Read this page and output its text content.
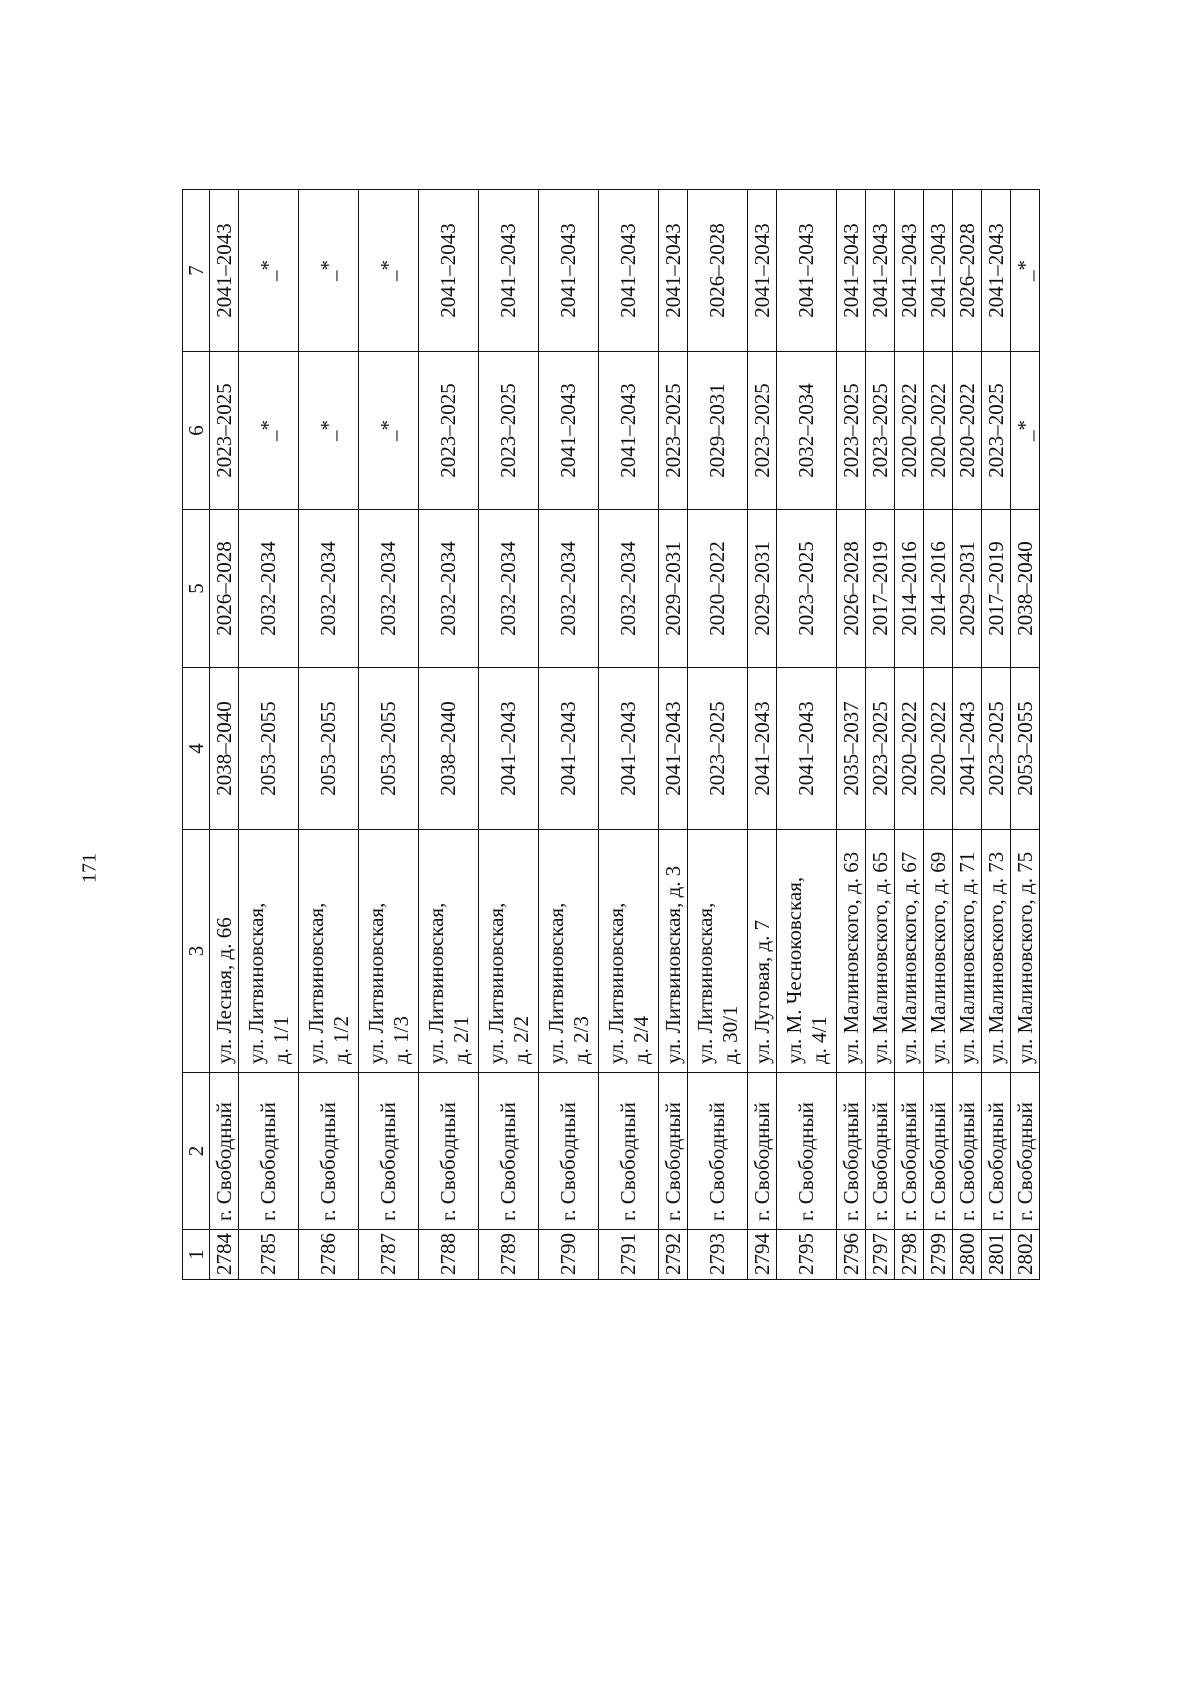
171
1	2	3	4	5	6	7
2784	г. Свободный	ул. Лесная, д. 66	2038–2040	2026–2028	2023–2025	2041–2043
2785	г. Свободный	ул. Литвиновская, д. 1/1	2053–2055	2032–2034	_*	_*
2786	г. Свободный	ул. Литвиновская, д. 1/2	2053–2055	2032–2034	_*	_*
2787	г. Свободный	ул. Литвиновская, д. 1/3	2053–2055	2032–2034	_*	_*
2788	г. Свободный	ул. Литвиновская, д. 2/1	2038–2040	2032–2034	2023–2025	2041–2043
2789	г. Свободный	ул. Литвиновская, д. 2/2	2041–2043	2032–2034	2023–2025	2041–2043
2790	г. Свободный	ул. Литвиновская, д. 2/3	2041–2043	2032–2034	2041–2043	2041–2043
2791	г. Свободный	ул. Литвиновская, д. 2/4	2041–2043	2032–2034	2041–2043	2041–2043
2792	г. Свободный	ул. Литвиновская, д. 3	2041–2043	2029–2031	2023–2025	2041–2043
2793	г. Свободный	ул. Литвиновская, д. 30/1	2023–2025	2020–2022	2029–2031	2026–2028
2794	г. Свободный	ул. Луговая, д. 7	2041–2043	2029–2031	2023–2025	2041–2043
2795	г. Свободный	ул. М. Чесноковская, д. 4/1	2041–2043	2023–2025	2032–2034	2041–2043
2796	г. Свободный	ул. Малиновского, д. 63	2035–2037	2026–2028	2023–2025	2041–2043
2797	г. Свободный	ул. Малиновского, д. 65	2023–2025	2017–2019	2023–2025	2041–2043
2798	г. Свободный	ул. Малиновского, д. 67	2020–2022	2014–2016	2020–2022	2041–2043
2799	г. Свободный	ул. Малиновского, д. 69	2020–2022	2014–2016	2020–2022	2041–2043
2800	г. Свободный	ул. Малиновского, д. 71	2041–2043	2029–2031	2020–2022	2026–2028
2801	г. Свободный	ул. Малиновского, д. 73	2023–2025	2017–2019	2023–2025	2041–2043
2802	г. Свободный	ул. Малиновского, д. 75	2053–2055	2038–2040	_*	_*
